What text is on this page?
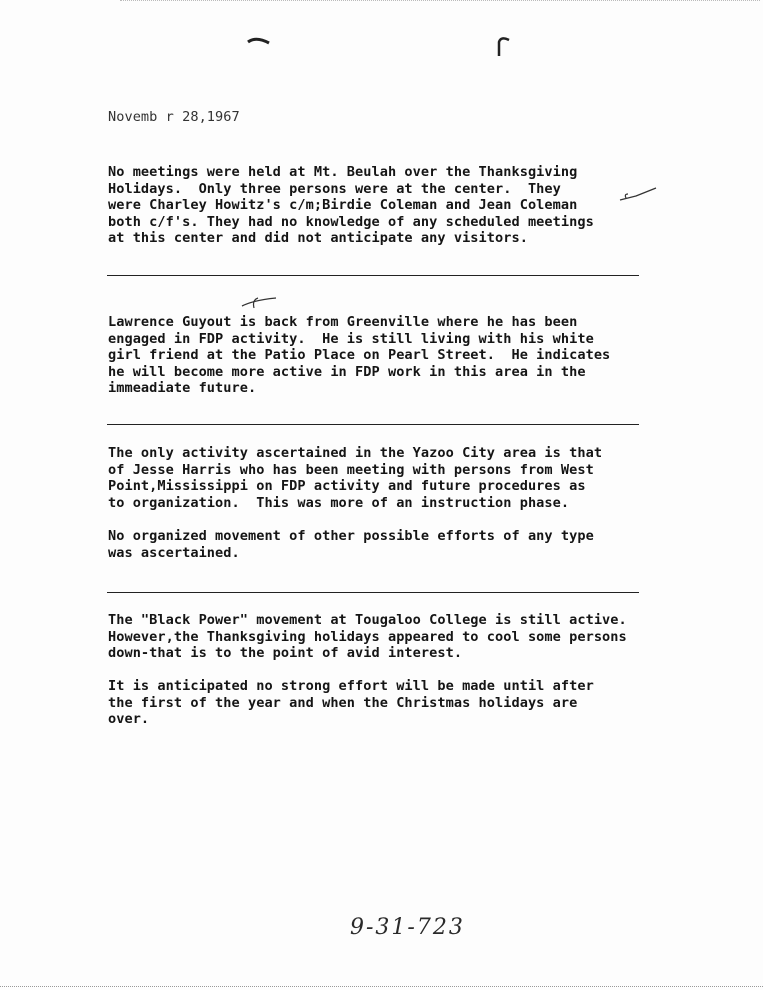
Novemb r 28,1967
No meetings were held at Mt. Beulah over the Thanksgiving
Holidays.  Only three persons were at the center.  They
were Charley Howitz's c/m;Birdie Coleman and Jean Coleman
both c/f's. They had no knowledge of any scheduled meetings
at this center and did not anticipate any visitors.
Lawrence Guyout is back from Greenville where he has been
engaged in FDP activity.  He is still living with his white
girl friend at the Patio Place on Pearl Street.  He indicates
he will become more active in FDP work in this area in the
immeadiate future.
The only activity ascertained in the Yazoo City area is that
of Jesse Harris who has been meeting with persons from West
Point,Mississippi on FDP activity and future procedures as
to organization.  This was more of an instruction phase.
No organized movement of other possible efforts of any type
was ascertained.
The "Black Power" movement at Tougaloo College is still active.
However,the Thanksgiving holidays appeared to cool some persons
down-that is to the point of avid interest.
It is anticipated no strong effort will be made until after
the first of the year and when the Christmas holidays are
over.
9-31-723
